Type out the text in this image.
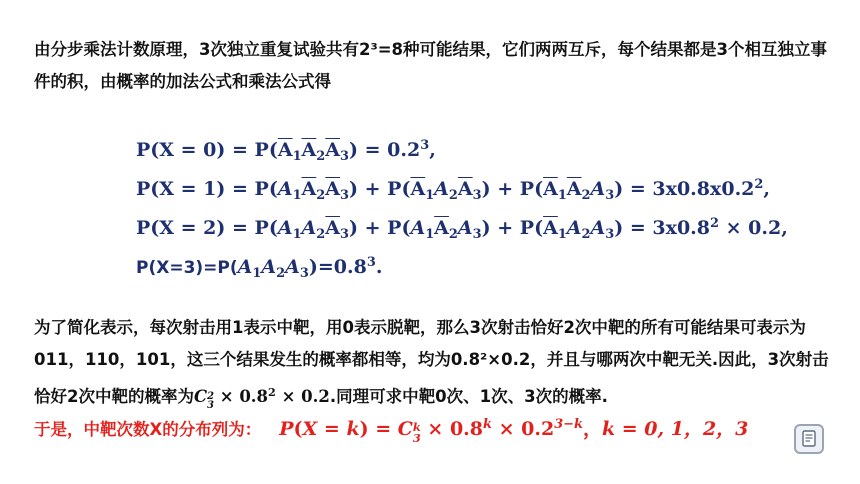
由分步乘法计数原理，3次独立重复试验共有2³=8种可能结果，它们两两互斥，每个结果都是3个相互独立事件的积，由概率的加法公式和乘法公式得
$P(X = 0) = P(\overline{A}_1\overline{A}_2\overline{A}_3) = 0.2^3$,
$P(X = 1) = P(A_1\overline{A}_2\overline{A}_3) + P(\overline{A}_1A_2\overline{A}_3) + P(\overline{A}_1\overline{A}_2A_3) = 3x0.8x0.2^2$,
$P(X = 2) = P(A_1A_2\overline{A}_3) + P(A_1\overline{A}_2A_3) + P(\overline{A}_1A_2A_3) = 3x0.8^2 \times 0.2$,
$P(X=3)=P(A_1A_2A_3)=0.8^3$.
为了简化表示，每次射击用1表示中靶，用0表示脱靶，那么3次射击恰好2次中靶的所有可能结果可表示为011，110，101，这三个结果发生的概率都相等，均为0.8²×0.2，并且与哪两次中靶无关.因此，3次射击恰好2次中靶的概率为C 2
$3 \times 0.8^2 \times 0.2$.同理可求中靶0次、1次、3次的概率.
于是，中靶次数X的分布列为： P(X = k) = C k
$3 \times 0.8^k \times 0.2^{3-k}$，k = 0, 1，2，3
